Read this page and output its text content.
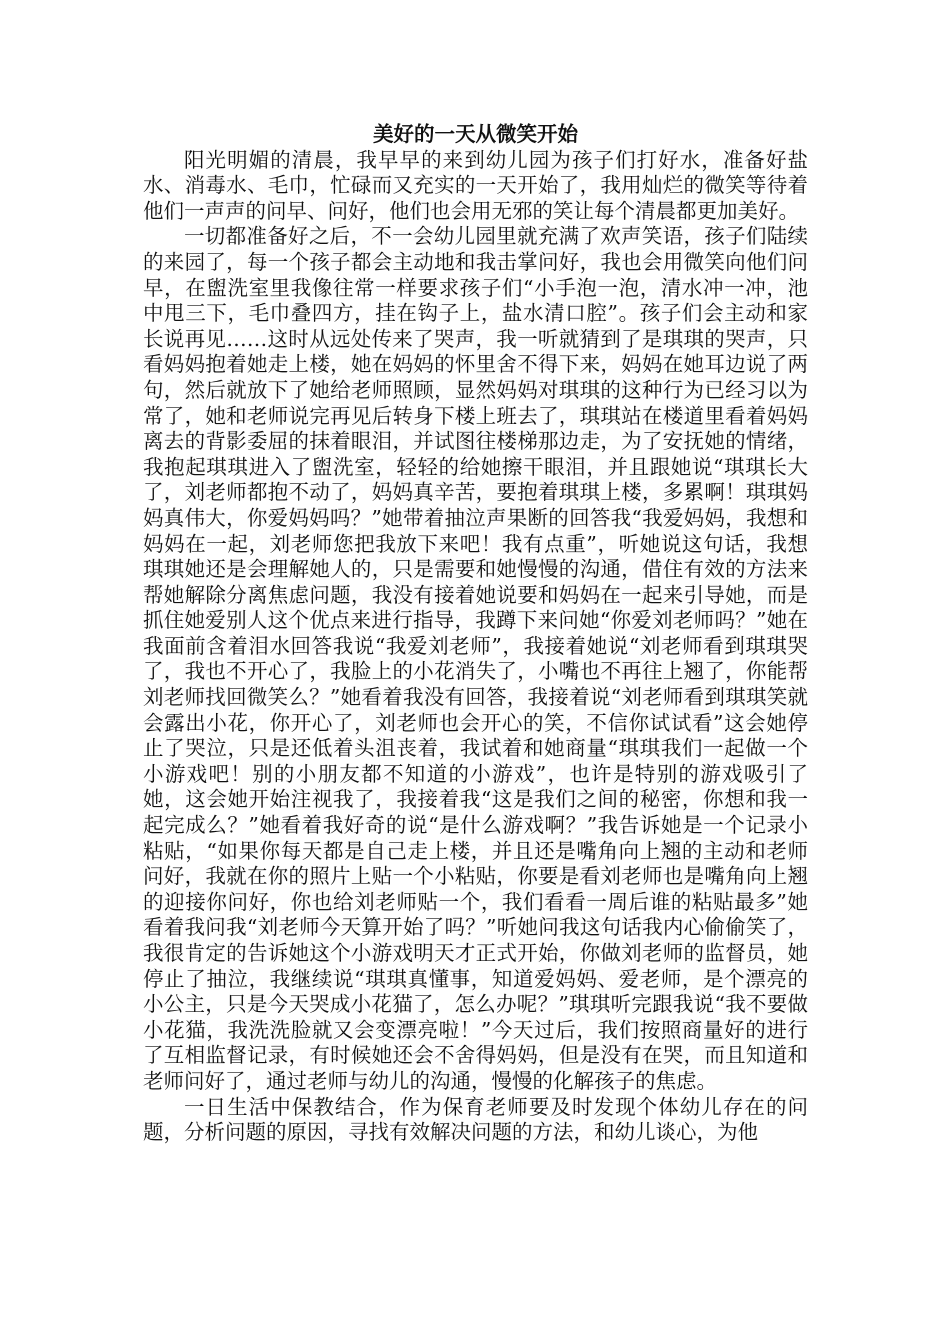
美好的一天从微笑开始

阳光明媚的清晨，我早早的来到幼儿园为孩子们打好水，准备好盐水、消毒水、毛巾，忙碌而又充实的一天开始了，我用灿烂的微笑等待着他们一声声的问早、问好，他们也会用无邪的笑让每个清晨都更加美好。

一切都准备好之后，不一会幼儿园里就充满了欢声笑语，孩子们陆续的来园了，每一个孩子都会主动地和我击掌问好，我也会用微笑向他们问早，在盥洗室里我像往常一样要求孩子们“小手泡一泡，清水冲一冲，池中甩三下，毛巾叠四方，挂在钩子上，盐水清口腔”。孩子们会主动和家长说再见……这时从远处传来了哭声，我一听就猜到了是琪琪的哭声，只看妈妈抱着她走上楼，她在妈妈的怀里舍不得下来，妈妈在她耳边说了两句，然后就放下了她给老师照顾，显然妈妈对琪琪的这种行为已经习以为常了，她和老师说完再见后转身下楼上班去了，琪琪站在楼道里看着妈妈离去的背影委屈的抹着眼泪，并试图往楼梯那边走，为了安抚她的情绪，我抱起琪琪进入了盥洗室，轻轻的给她擦干眼泪，并且跟她说“琪琪长大了，刘老师都抱不动了，妈妈真辛苦，要抱着琪琪上楼，多累啊！琪琪妈妈真伟大，你爱妈妈吗？”她带着抽泣声果断的回答我“我爱妈妈，我想和妈妈在一起，刘老师您把我放下来吧！我有点重”，听她说这句话，我想琪琪她还是会理解她人的，只是需要和她慢慢的沟通，借住有效的方法来帮她解除分离焦虑问题，我没有接着她说要和妈妈在一起来引导她，而是抓住她爱别人这个优点来进行指导，我蹲下来问她“你爱刘老师吗？”她在我面前含着泪水回答我说“我爱刘老师”，我接着她说“刘老师看到琪琪哭了，我也不开心了，我脸上的小花消失了，小嘴也不再往上翘了，你能帮刘老师找回微笑么？”她看着我没有回答，我接着说“刘老师看到琪琪笑就会露出小花，你开心了，刘老师也会开心的笑，不信你试试看”这会她停止了哭泣，只是还低着头沮丧着，我试着和她商量“琪琪我们一起做一个小游戏吧！别的小朋友都不知道的小游戏”，也许是特别的游戏吸引了她，这会她开始注视我了，我接着我“这是我们之间的秘密，你想和我一起完成么？”她看着我好奇的说“是什么游戏啊？”我告诉她是一个记录小粘贴，“如果你每天都是自己走上楼，并且还是嘴角向上翘的主动和老师问好，我就在你的照片上贴一个小粘贴，你要是看刘老师也是嘴角向上翘的迎接你问好，你也给刘老师贴一个，我们看看一周后谁的粘贴最多”她看着我问我“刘老师今天算开始了吗？”听她问我这句话我内心偷偷笑了，我很肯定的告诉她这个小游戏明天才正式开始，你做刘老师的监督员，她停止了抽泣，我继续说“琪琪真懂事，知道爱妈妈、爱老师，是个漂亮的小公主，只是今天哭成小花猫了，怎么办呢？”琪琪听完跟我说“我不要做小花猫，我洗洗脸就又会变漂亮啦！”今天过后，我们按照商量好的进行了互相监督记录，有时候她还会不舍得妈妈，但是没有在哭，而且知道和老师问好了，通过老师与幼儿的沟通，慢慢的化解孩子的焦虑。

一日生活中保教结合，作为保育老师要及时发现个体幼儿存在的问题，分析问题的原因，寻找有效解决问题的方法，和幼儿谈心，为他
